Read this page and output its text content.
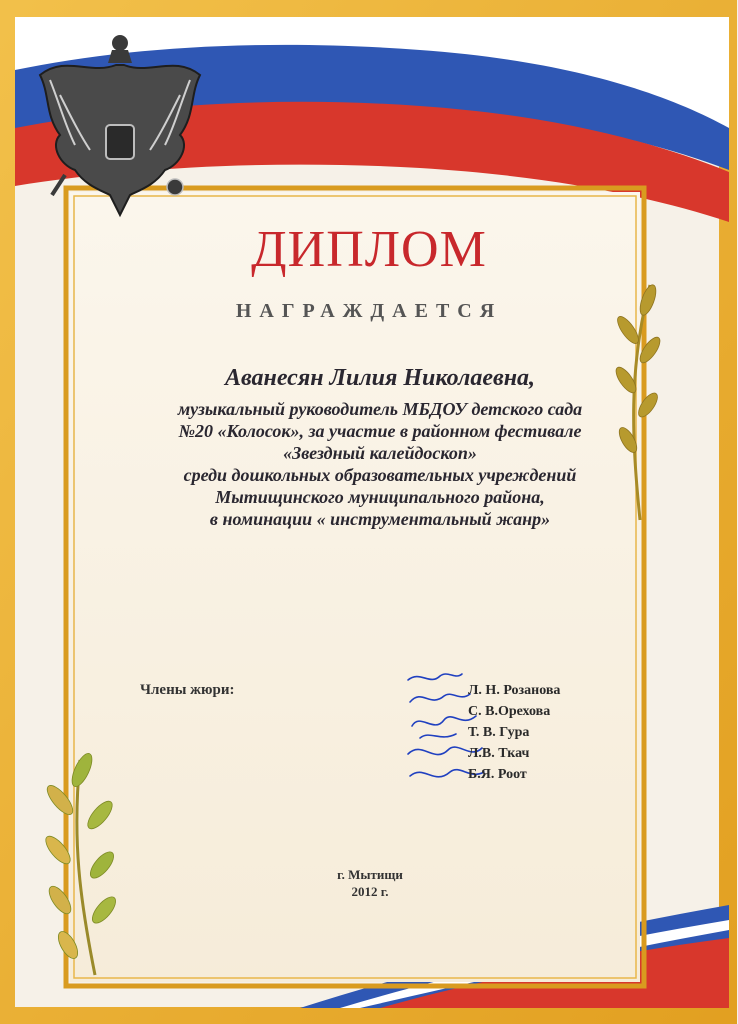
ДИПЛОМ
НАГРАЖДАЕТСЯ

Аванесян Лилия Николаевна,

музыкальный руководитель МБДОУ детского сада

№20 «Колосок», за участие в районном фестивале

«Звездный калейдоскоп»

среди дошкольных образовательных учреждений

Мытищинского муниципального района,

в номинации « инструментальный жанр»

Члены жюри:	Л. Н. Розанова
С. В.Орехова
Т. В. Гура
Л.В. Ткач
Б.Я. Роот
г. Мытищи
2012 г.
